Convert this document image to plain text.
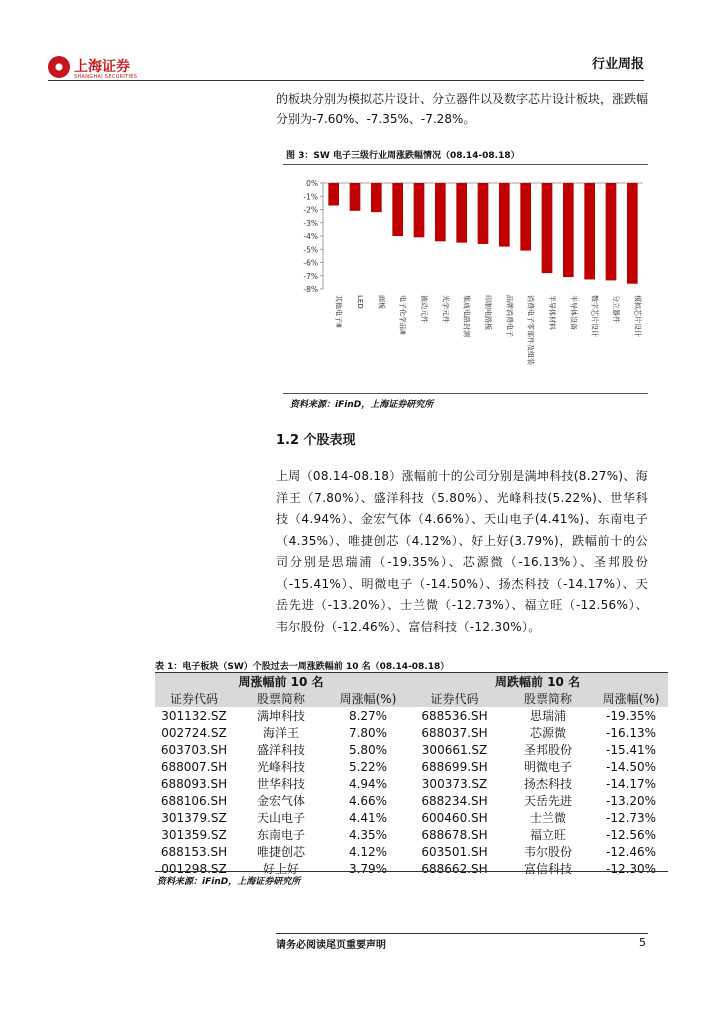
上海证券
SHANGHAI SECURITIES
行业周报
的板块分别为模拟芯片设计、分立器件以及数字芯片设计板块，涨跌幅分别为-7.60%、-7.35%、-7.28%。
图 3：SW 电子三级行业周涨跌幅情况（08.14-08.18）
0%
-1%
-2%
-3%
-4%
-5%
-6%
-7%
-8%
其他电子Ⅲ LED 面板 电子化学品Ⅲ 被动元件 光学元件 集成电路封测 印制电路板 品牌消费电子 消费电子零部件及组装 半导体材料 半导体设备 数字芯片设计 分立器件 模拟芯片设计
资料来源：iFinD，上海证券研究所
1.2 个股表现
上周（08.14-08.18）涨幅前十的公司分别是满坤科技(8.27%)、海洋王（7.80%）、盛洋科技（5.80%）、光峰科技(5.22%)、世华科技（4.94%）、金宏气体（4.66%）、天山电子(4.41%)、东南电子（4.35%）、唯捷创芯（4.12%）、好上好(3.79%)，跌幅前十的公司分别是思瑞浦（-19.35%）、芯源微（-16.13%）、圣邦股份（-15.41%）、明微电子（-14.50%）、扬杰科技（-14.17%）、天岳先进（-13.20%）、士兰微（-12.73%）、福立旺（-12.56%）、韦尔股份（-12.46%）、富信科技（-12.30%）。
表 1：电子板块（SW）个股过去一周涨跌幅前 10 名（08.14-08.18）
周涨幅前 10 名			周跌幅前 10 名		
证券代码	股票简称	周涨幅(%)	证券代码	股票简称	周涨幅(%)
301132.SZ	满坤科技	8.27%	688536.SH	思瑞浦	-19.35%
002724.SZ	海洋王	7.80%	688037.SH	芯源微	-16.13%
603703.SH	盛洋科技	5.80%	300661.SZ	圣邦股份	-15.41%
688007.SH	光峰科技	5.22%	688699.SH	明微电子	-14.50%
688093.SH	世华科技	4.94%	300373.SZ	扬杰科技	-14.17%
688106.SH	金宏气体	4.66%	688234.SH	天岳先进	-13.20%
301379.SZ	天山电子	4.41%	600460.SH	士兰微	-12.73%
301359.SZ	东南电子	4.35%	688678.SH	福立旺	-12.56%
688153.SH	唯捷创芯	4.12%	603501.SH	韦尔股份	-12.46%
001298.SZ	好上好	3.79%	688662.SH	富信科技	-12.30%
资料来源：iFinD，上海证券研究所
请务必阅读尾页重要声明	5
